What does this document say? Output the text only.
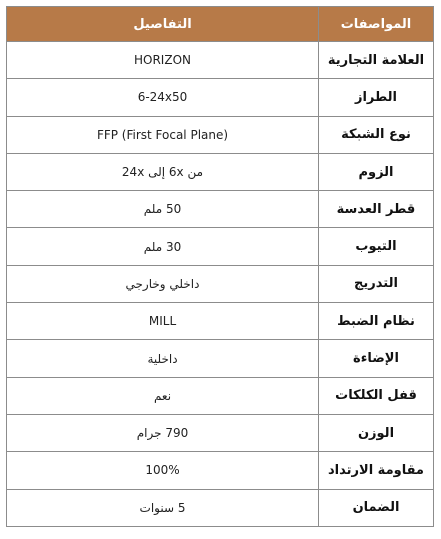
المواصفات	التفاصيل
العلامة التجارية	HORIZON
الطراز	6-24x50
نوع الشبكة	FFP (First Focal Plane)
الزوم	من 6x إلى 24x
قطر العدسة	50 ملم
التيوب	30 ملم
التدريج	داخلي وخارجي
نظام الضبط	MILL
الإضاءة	داخلية
قفل الكلكات	نعم
الوزن	790 جرام
مقاومة الارتداد	100%
الضمان	5 سنوات
